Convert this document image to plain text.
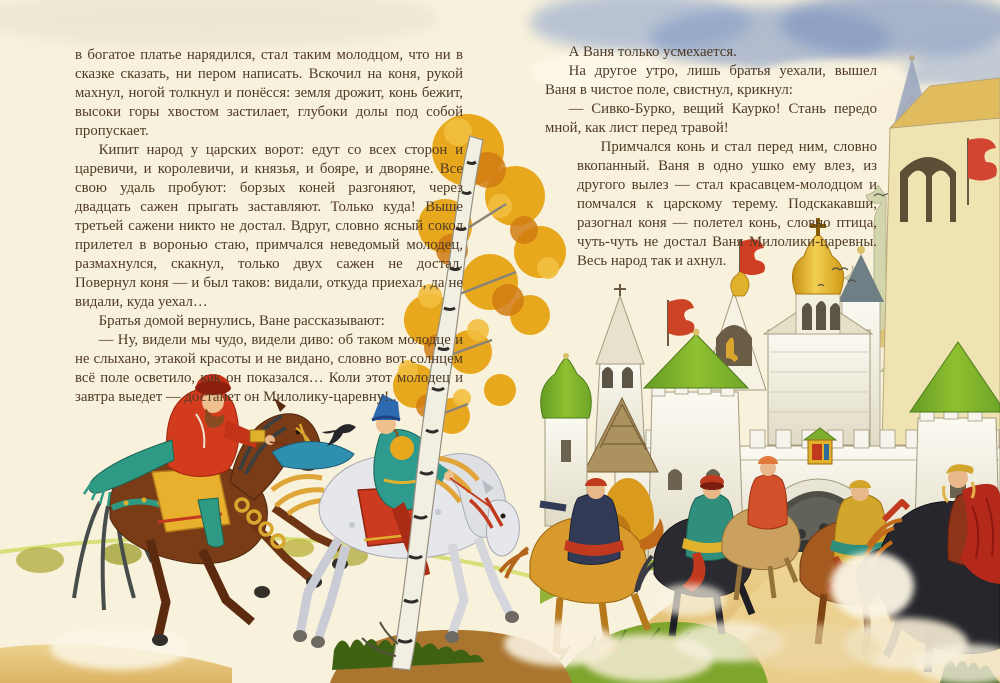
в богатое платье нарядился, стал таким молодцом, что ни в сказке сказать, ни пером написать. Вскочил на коня, рукой махнул, ногой толкнул и понёсся: земля дрожит, конь бежит, высоки горы хвостом застилает, глубоки долы под собой пропускает.

Кипит народ у царских ворот: едут со всех сторон и царевичи, и королевичи, и князья, и бояре, и дворяне. Все свою удаль пробуют: борзых коней разгоняют, через двадцать сажен прыгать заставляют. Только куда! Выше третьей сажени никто не достал. Вдруг, словно ясный сокол прилетел в воронью стаю, примчался неведомый молодец, размахнулся, скакнул, только двух сажен не достал. Повернул коня — и был таков: видали, откуда приехал, да не видали, куда уехал…

Братья домой вернулись, Ване рассказывают:

— Ну, видели мы чудо, видели диво: об таком молодце и не слыхано, этакой красоты и не видано, словно вот солнцем всё поле осветило, как он показался… Коли этот молодец и завтра выедет — достанет он Милолику-царевну!..

А Ваня только усмехается.

На другое утро, лишь братья уехали, вышел Ваня в чистое поле, свистнул, крикнул:

— Сивко-Бурко, вещий Каурко! Стань передо мной, как лист перед травой!

Примчался конь и стал перед ним, словно вкопанный. Ваня в одно ушко ему влез, из другого вылез — стал красавцем-молодцом и помчался к царскому терему. Подскакавши, разогнал коня — полетел конь, словно птица, чуть-чуть не достал Ваня Милолики-царевны. Весь народ так и ахнул.
